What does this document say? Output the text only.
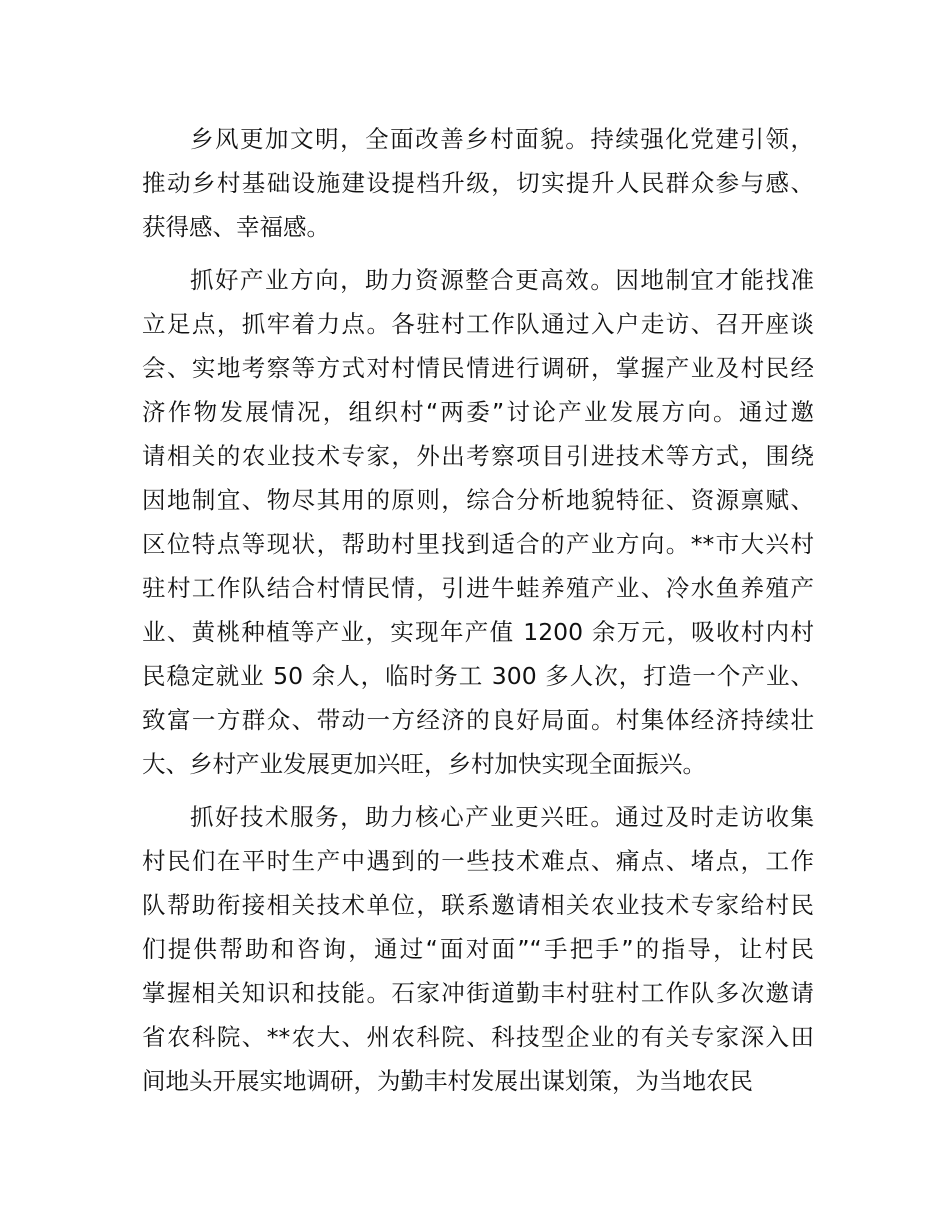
乡风更加文明，全面改善乡村面貌。持续强化党建引领，
推动乡村基础设施建设提档升级，切实提升人民群众参与感、
获得感、幸福感。
抓好产业方向，助力资源整合更高效。因地制宜才能找准
立足点，抓牢着力点。各驻村工作队通过入户走访、召开座谈
会、实地考察等方式对村情民情进行调研，掌握产业及村民经
济作物发展情况，组织村“两委”讨论产业发展方向。通过邀
请相关的农业技术专家，外出考察项目引进技术等方式，围绕
因地制宜、物尽其用的原则，综合分析地貌特征、资源禀赋、
区位特点等现状，帮助村里找到适合的产业方向。**市大兴村
驻村工作队结合村情民情，引进牛蛙养殖产业、冷水鱼养殖产
业、黄桃种植等产业，实现年产值 1200 余万元，吸收村内村
民稳定就业 50 余人，临时务工 300 多人次，打造一个产业、
致富一方群众、带动一方经济的良好局面。村集体经济持续壮
大、乡村产业发展更加兴旺，乡村加快实现全面振兴。
抓好技术服务，助力核心产业更兴旺。通过及时走访收集
村民们在平时生产中遇到的一些技术难点、痛点、堵点，工作
队帮助衔接相关技术单位，联系邀请相关农业技术专家给村民
们提供帮助和咨询，通过“面对面”“手把手”的指导，让村民
掌握相关知识和技能。石家冲街道勤丰村驻村工作队多次邀请
省农科院、**农大、州农科院、科技型企业的有关专家深入田
间地头开展实地调研，为勤丰村发展出谋划策，为当地农民
